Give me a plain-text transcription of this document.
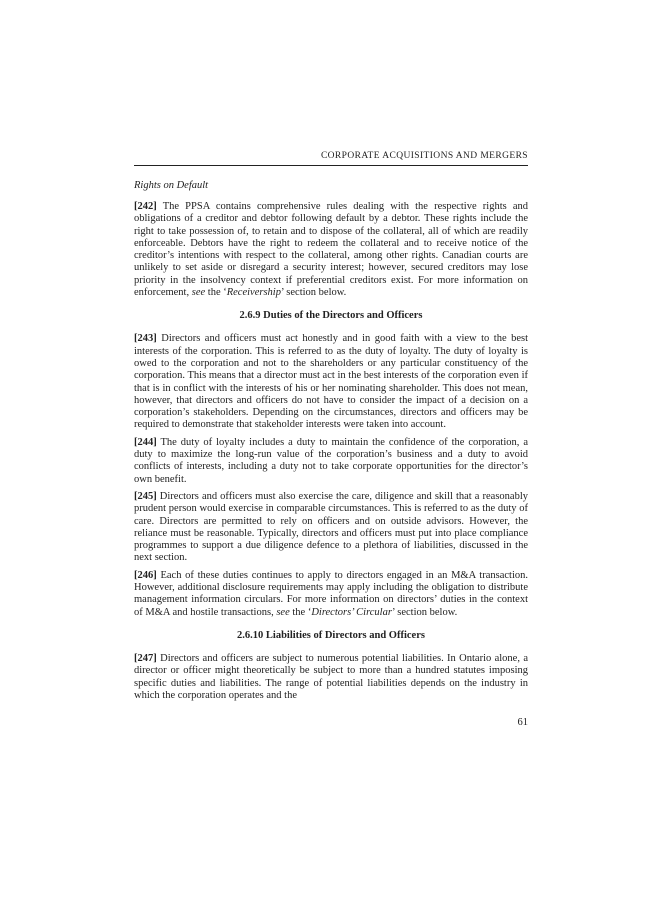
CORPORATE ACQUISITIONS AND MERGERS
Rights on Default

[242] The PPSA contains comprehensive rules dealing with the respective rights and obligations of a creditor and debtor following default by a debtor. These rights include the right to take possession of, to retain and to dispose of the collateral, all of which are readily enforceable. Debtors have the right to redeem the collateral and to receive notice of the creditor’s intentions with respect to the collateral, among other rights. Canadian courts are unlikely to set aside or disregard a security interest; however, secured creditors may lose priority in the insolvency context if preferential creditors exist. For more information on enforcement, see the ‘Receivership’ section below.

2.6.9 Duties of the Directors and Officers

[243] Directors and officers must act honestly and in good faith with a view to the best interests of the corporation. This is referred to as the duty of loyalty. The duty of loyalty is owed to the corporation and not to the shareholders or any particular constituency of the corporation. This means that a director must act in the best interests of the corporation even if that is in conflict with the interests of his or her nominating shareholder. This does not mean, however, that directors and officers do not have to consider the impact of a decision on a corporation’s stakeholders. Depending on the circumstances, directors and officers may be required to demonstrate that stakeholder interests were taken into account.

[244] The duty of loyalty includes a duty to maintain the confidence of the corporation, a duty to maximize the long-run value of the corporation’s business and a duty to avoid conflicts of interests, including a duty not to take corporate opportunities for the director’s own benefit.

[245] Directors and officers must also exercise the care, diligence and skill that a reasonably prudent person would exercise in comparable circumstances. This is referred to as the duty of care. Directors are permitted to rely on officers and on outside advisors. However, the reliance must be reasonable. Typically, directors and officers must put into place compliance programmes to support a due diligence defence to a plethora of liabilities, discussed in the next section.

[246] Each of these duties continues to apply to directors engaged in an M&A transaction. However, additional disclosure requirements may apply including the obligation to distribute management information circulars. For more information on directors’ duties in the context of M&A and hostile transactions, see the ‘Directors’ Circular’ section below.

2.6.10 Liabilities of Directors and Officers

[247] Directors and officers are subject to numerous potential liabilities. In Ontario alone, a director or officer might theoretically be subject to more than a hundred statutes imposing specific duties and liabilities. The range of potential liabilities depends on the industry in which the corporation operates and the

61
